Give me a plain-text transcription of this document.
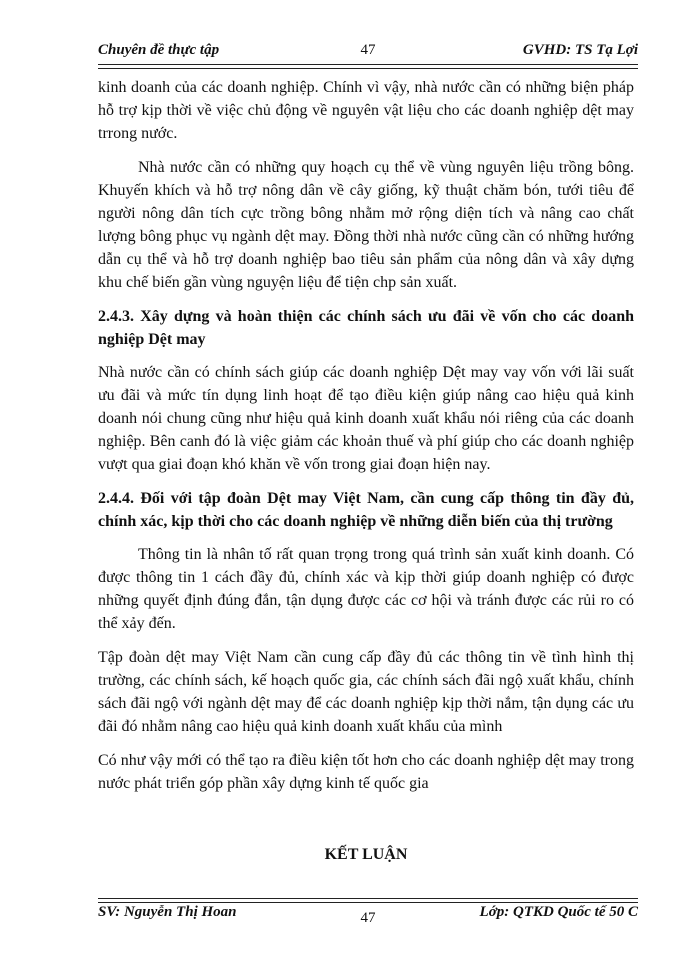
Chuyên đề thực tập	47	GVHD: TS Tạ Lợi

kinh doanh của các doanh nghiệp. Chính vì vậy, nhà nước cần có những biện pháp hỗ trợ kịp thời về việc chủ động về nguyên vật liệu cho các doanh nghiệp dệt may trrong nước.

Nhà nước cần có những quy hoạch cụ thể về vùng nguyên liệu trồng bông. Khuyến khích và hỗ trợ nông dân về cây giống, kỹ thuật chăm bón, tưới tiêu để người nông dân tích cực trồng bông nhằm mở rộng diện tích và nâng cao chất lượng bông phục vụ ngành dệt may. Đồng thời nhà nước cũng cần có những hướng dẫn cụ thể và hỗ trợ doanh nghiệp bao tiêu sản phẩm của nông dân và xây dựng khu chế biến gần vùng nguyện liệu để tiện chp sản xuất.

2.4.3. Xây dựng và hoàn thiện các chính sách ưu đãi về vốn cho các doanh nghiệp Dệt may

Nhà nước cần có chính sách giúp các doanh nghiệp Dệt may vay vốn với lãi suất ưu đãi và mức tín dụng linh hoạt để tạo điều kiện giúp nâng cao hiệu quả kinh doanh nói chung cũng như hiệu quả kinh doanh xuất khẩu nói riêng của các doanh nghiệp. Bên canh đó là việc giảm các khoản thuế và phí giúp cho các doanh nghiệp vượt qua giai đoạn khó khăn về vốn trong giai đoạn hiện nay.

2.4.4. Đối với tập đoàn Dệt may Việt Nam, cần cung cấp thông tin đầy đủ, chính xác, kịp thời cho các doanh nghiệp về những diễn biến của thị trường

Thông tin là nhân tố rất quan trọng trong quá trình sản xuất kinh doanh. Có được thông tin 1 cách đầy đủ, chính xác và kịp thời giúp doanh nghiệp có được những quyết định đúng đắn, tận dụng được các cơ hội và tránh được các rủi ro có thể xảy đến.

Tập đoàn dệt may Việt Nam cần cung cấp đầy đủ các thông tin về tình hình thị trường, các chính sách, kế hoạch quốc gia, các chính sách đãi ngộ xuất khẩu, chính sách đãi ngộ với ngành dệt may để các doanh nghiệp kịp thời nắm, tận dụng các ưu đãi đó nhằm nâng cao hiệu quả kinh doanh xuất khẩu của mình

Có như vậy mới có thể tạo ra điều kiện tốt hơn cho các doanh nghiệp dệt may trong nước phát triển góp phần xây dựng kinh tế quốc gia

KẾT LUẬN
SV: Nguyễn Thị Hoan	47	Lớp: QTKD Quốc tế 50 C
